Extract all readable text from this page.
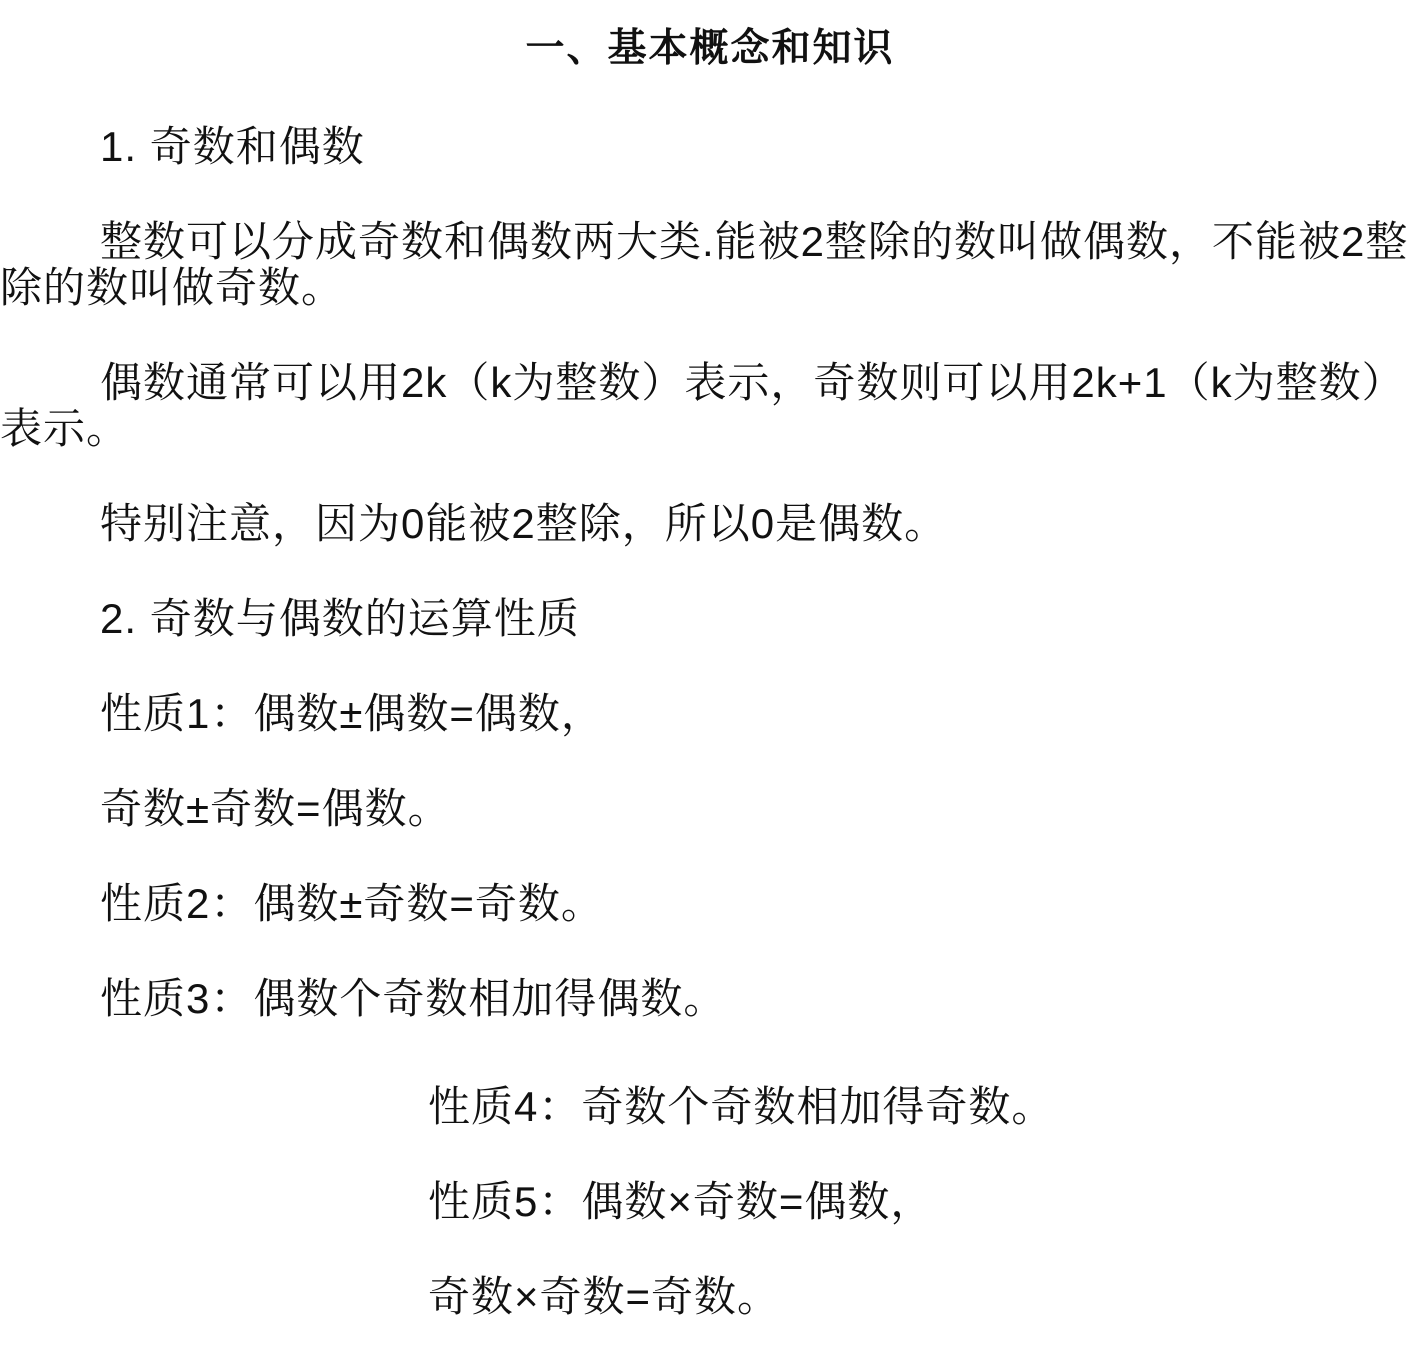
一、基本概念和知识

1. 奇数和偶数

整数可以分成奇数和偶数两大类.能被2整除的数叫做偶数，不能被2整除的数叫做奇数。

偶数通常可以用2k（k为整数）表示，奇数则可以用2k+1（k为整数）表示。

特别注意，因为0能被2整除，所以0是偶数。

2. 奇数与偶数的运算性质

性质1：偶数±偶数=偶数，

奇数±奇数=偶数。

性质2：偶数±奇数=奇数。

性质3：偶数个奇数相加得偶数。

性质4：奇数个奇数相加得奇数。

性质5：偶数×奇数=偶数，

奇数×奇数=奇数。
